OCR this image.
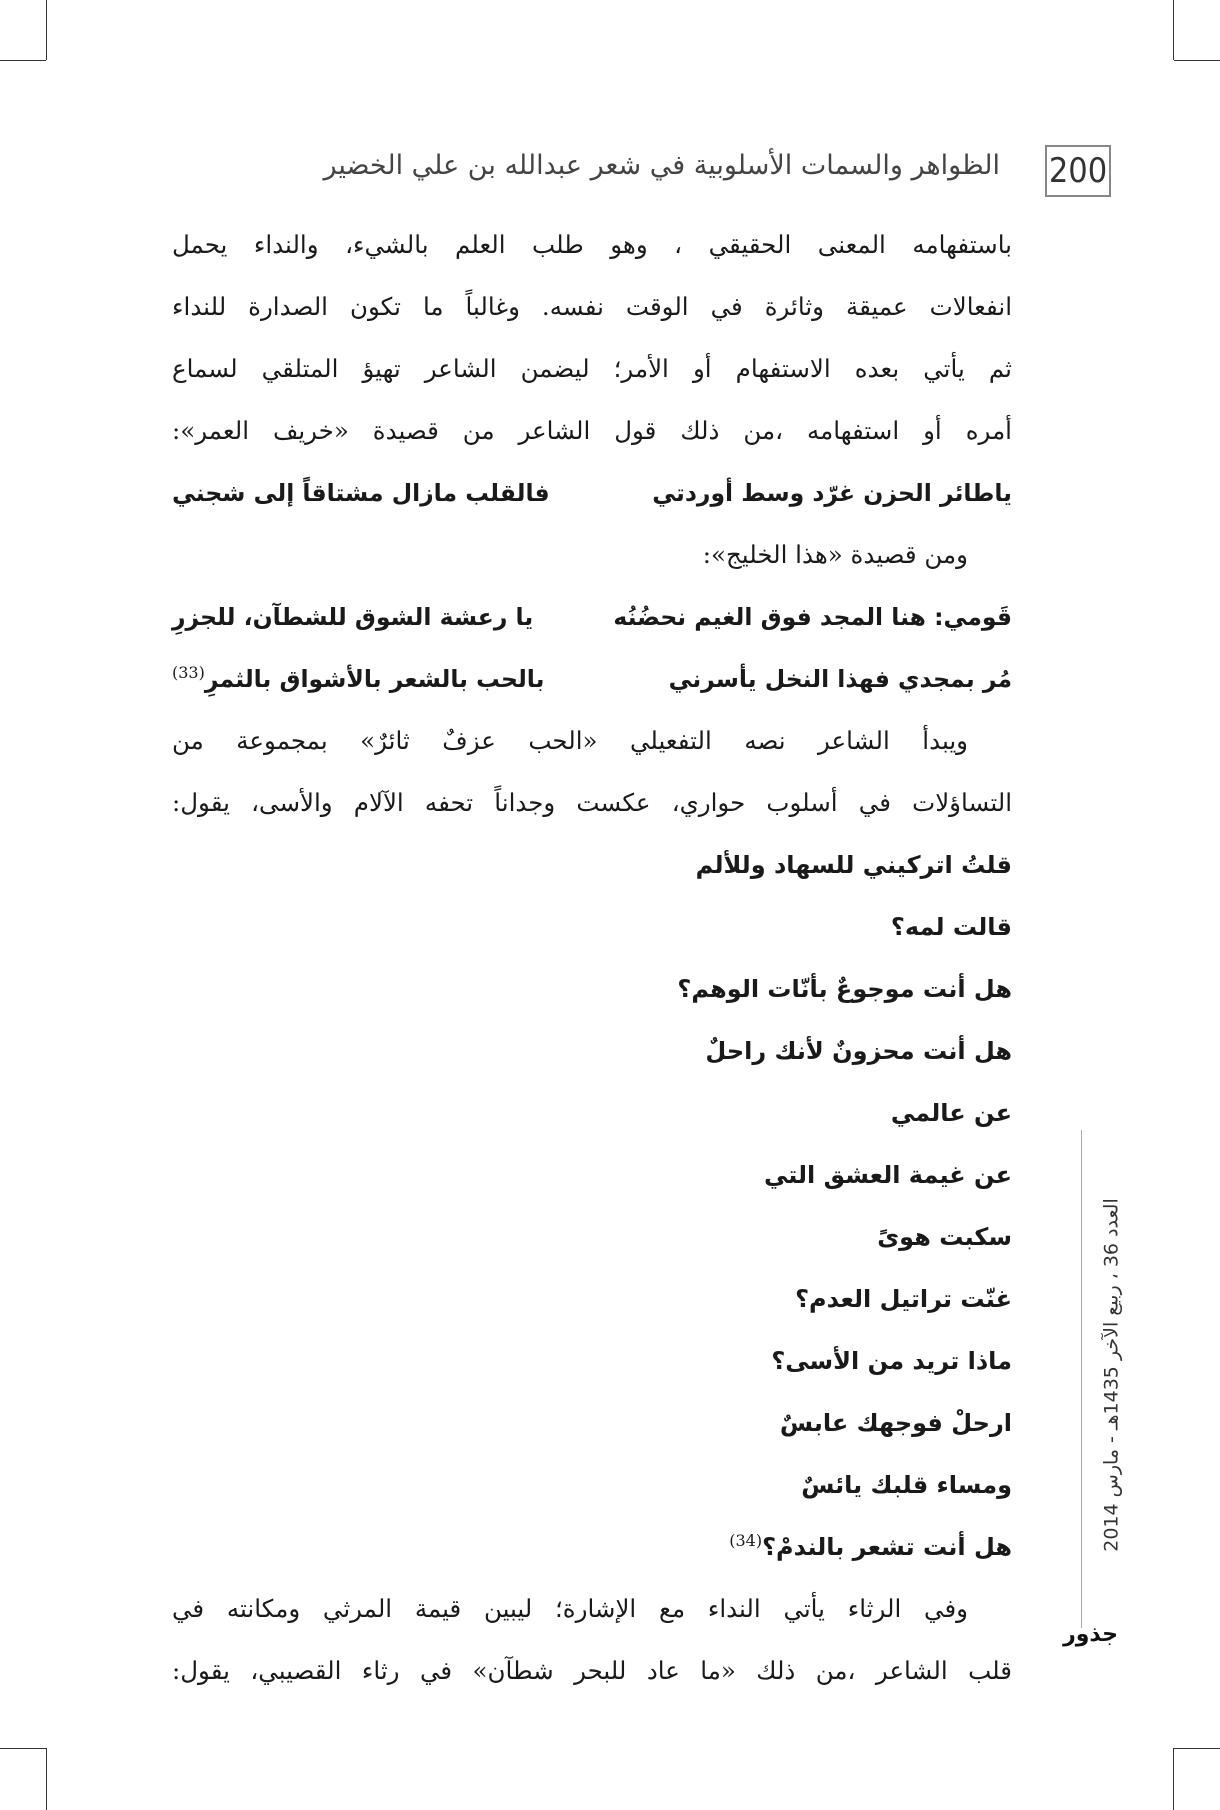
الظواهر والسمات الأسلوبية في شعر عبدالله بن علي الخضير 200
العدد 36 ، ربيع الآخر 1435هـ - مارس 2014
جذور
باستفهامه المعنى الحقيقي ، وهو طلب العلم بالشيء، والنداء يحمل
انفعالات عميقة وثائرة في الوقت نفسه. وغالباً ما تكون الصدارة للنداء
ثم يأتي بعده الاستفهام أو الأمر؛ ليضمن الشاعر تهيؤ المتلقي لسماع
أمره أو استفهامه ،من ذلك قول الشاعر من قصيدة «خريف العمر»:
ياطائر الحزن غرّد وسط أوردتي
فالقلب مازال مشتاقاً إلى شجني
ومن قصيدة «هذا الخليج»:
قَومي: هنا المجد فوق الغيم نحضُنُه
يا رعشة الشوق للشطآن، للجزرِ
مُر بمجدي فهذا النخل يأسرني
بالحب بالشعر بالأشواق بالثمرِ$^{(33)}$
ويبدأ الشاعر نصه التفعيلي «الحب عزفٌ ثائرٌ» بمجموعة من
التساؤلات في أسلوب حواري، عكست وجداناً تحفه الآلام والأسى، يقول:
قلتُ اتركيني للسهاد وللألم
قالت لمه؟
هل أنت موجوعٌ بأنّات الوهم؟
هل أنت محزونٌ لأنك راحلٌ
عن عالمي
عن غيمة العشق التي
سكبت هوىً
غنّت تراتيل العدم؟
ماذا تريد من الأسى؟
ارحلْ فوجهك عابسٌ
ومساء قلبك يائسٌ
هل أنت تشعر بالندمْ؟$^{(34)}$
وفي الرثاء يأتي النداء مع الإشارة؛ ليبين قيمة المرثي ومكانته في
قلب الشاعر ،من ذلك «ما عاد للبحر شطآن» في رثاء القصيبي، يقول:
